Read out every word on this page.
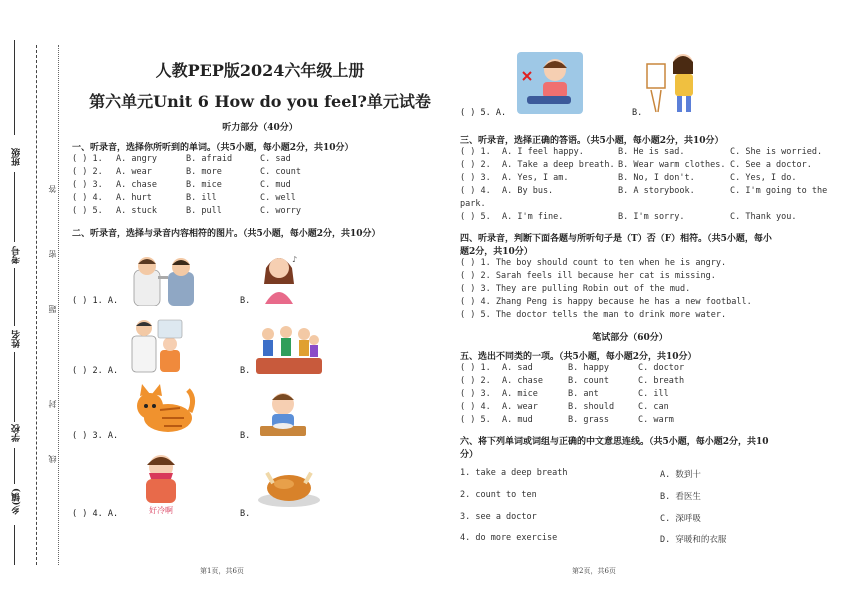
班级
考号
姓名
学校
乡(镇)
答
密
题
封
线
人教PEP版2024六年级上册
第六单元Unit 6 How do you feel?单元试卷
听力部分（40分）
一、听录音，选择你所听到的单词。（共5小题，每小题2分，共10分）
( ) 1. A. angry	B. afraid	C. sad
( ) 2. A. wear	B. more	C. count
( ) 3. A. chase	B. mice	C. mud
( ) 4. A. hurt	B. ill	C. well
( ) 5. A. stuck	B. pull	C. worry
二、听录音，选择与录音内容相符的图片。（共5小题，每小题2分，共10分）
( ) 1. A.	B.
♪
( ) 2. A.	B.
( ) 3. A.	B.
( ) 4. A.	B.
好冷啊
第1页，共6页
( ) 5. A.	B.
三、听录音，选择正确的答语。（共5小题，每小题2分，共10分）
( ) 1. A. I feel happy.	B. He is sad.	C. She is worried.
( ) 2. A. Take a deep breath. B. Wear warm clothes. C. See a doctor.
( ) 3. A. Yes, I am.	B. No, I don't.	C. Yes, I do.
( ) 4. A. By bus.	B. A storybook.	C. I'm going to the
park.
( ) 5. A. I'm fine.	B. I'm sorry.	C. Thank you.
四、听录音，判断下面各题与所听句子是（T）否（F）相符。（共5小题，每小
题2分，共10分）
( ) 1. The boy should count to ten when he is angry.
( ) 2. Sarah feels ill because her cat is missing.
( ) 3. They are pulling Robin out of the mud.
( ) 4. Zhang Peng is happy because he has a new football.
( ) 5. The doctor tells the man to drink more water.
笔试部分（60分）
五、选出不同类的一项。（共5小题，每小题2分，共10分）
( ) 1. A. sad	B. happy	C. doctor
( ) 2. A. chase	B. count	C. breath
( ) 3. A. mice	B. ant	C. ill
( ) 4. A. wear	B. should	C. can
( ) 5. A. mud	B. grass	C. warm
六、将下列单词或词组与正确的中文意思连线。（共5小题，每小题2分，共10
分）
1. take a deep breath	A. 数到十
2. count to ten	B. 看医生
3. see a doctor	C. 深呼吸
4. do more exercise	D. 穿暖和的衣服
第2页，共6页
